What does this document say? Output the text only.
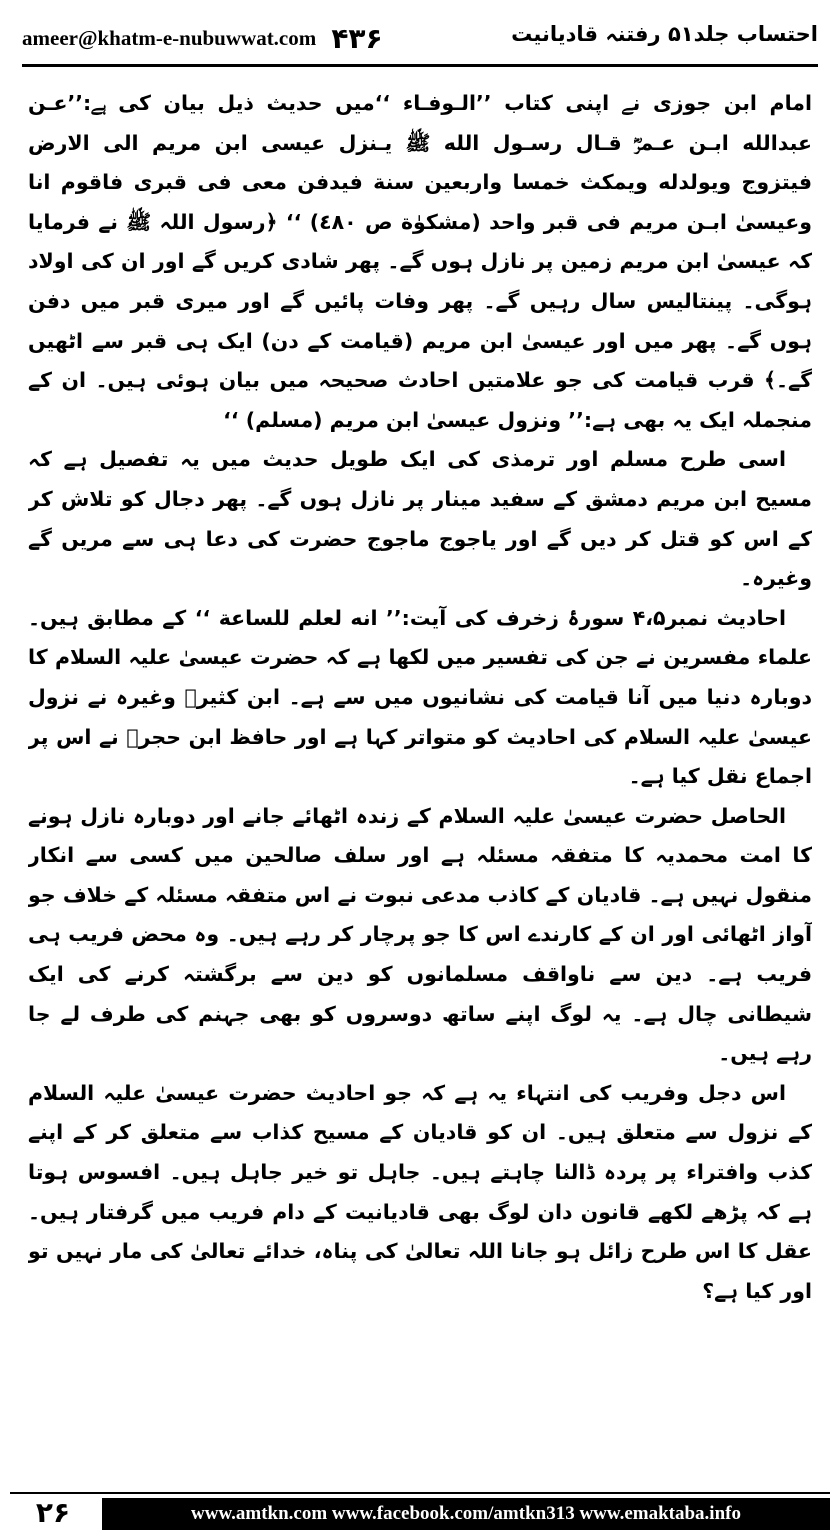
ameer@khatm-e-nubuwwat.com ۴۳۶	احتساب جلد۵۱ رفتنہ قادیانیت

امام ابن جوزی نے اپنی کتاب ’’الـوفـاء ‘‘میں حدیث ذیل بیان کی ہے:’’عـن عبدالله ابـن عـمرؓ قـال رسـول الله ﷺ يـنزل عيسى ابن مريم الى الارض فيتزوج ويولدله ويمكث خمسا واربعين سنة فيدفن معى فى قبرى فاقوم انا وعيسىٰ ابـن مريم فى قبر واحد (مشكوٰة ص ٤٨٠) ‘‘ ﴿رسول اللہ ﷺ نے فرمایا کہ عیسیٰ ابن مریم زمین پر نازل ہوں گے۔ پھر شادی کریں گے اور ان کی اولاد ہوگی۔ پینتالیس سال رہیں گے۔ پھر وفات پائیں گے اور میری قبر میں دفن ہوں گے۔ پھر میں اور عیسیٰ ابن مریم (قیامت کے دن) ایک ہی قبر سے اٹھیں گے۔﴾ قرب قیامت کی جو علامتیں احادث صحیحہ میں بیان ہوئی ہیں۔ ان کے منجملہ ایک یہ بھی ہے:’’ ونزول عيسىٰ ابن مريم (مسلم) ‘‘

اسی طرح مسلم اور ترمذی کی ایک طویل حدیث میں یہ تفصیل ہے کہ مسیح ابن مریم دمشق کے سفید مینار پر نازل ہوں گے۔ پھر دجال کو تلاش کر کے اس کو قتل کر دیں گے اور یاجوج ماجوج حضرت کی دعا ہی سے مریں گے وغیرہ۔

احادیث نمبر۴،۵ سورۂ زخرف کی آیت:’’ انه لعلم للساعة ‘‘ کے مطابق ہیں۔ علماء مفسرین نے جن کی تفسیر میں لکھا ہے کہ حضرت عیسیٰ علیہ السلام کا دوبارہ دنیا میں آنا قیامت کی نشانیوں میں سے ہے۔ ابن کثیرؒ وغیرہ نے نزول عیسیٰ علیہ السلام کی احادیث کو متواتر کہا ہے اور حافظ ابن حجرؒ نے اس پر اجماع نقل کیا ہے۔

الحاصل حضرت عیسیٰ علیہ السلام کے زندہ اٹھائے جانے اور دوبارہ نازل ہونے کا امت محمدیہ کا متفقہ مسئلہ ہے اور سلف صالحین میں کسی سے انکار منقول نہیں ہے۔ قادیان کے کاذب مدعی نبوت نے اس متفقہ مسئلہ کے خلاف جو آواز اٹھائی اور ان کے کارندے اس کا جو پرچار کر رہے ہیں۔ وہ محض فریب ہی فریب ہے۔ دین سے ناواقف مسلمانوں کو دین سے برگشتہ کرنے کی ایک شیطانی چال ہے۔ یہ لوگ اپنے ساتھ دوسروں کو بھی جہنم کی طرف لے جا رہے ہیں۔

اس دجل وفریب کی انتہاء یہ ہے کہ جو احادیث حضرت عیسیٰ علیہ السلام کے نزول سے متعلق ہیں۔ ان کو قادیان کے مسیح کذاب سے متعلق کر کے اپنے کذب وافتراء پر پردہ ڈالنا چاہتے ہیں۔ جاہل تو خیر جاہل ہیں۔ افسوس ہوتا ہے کہ پڑھے لکھے قانون دان لوگ بھی قادیانیت کے دام فریب میں گرفتار ہیں۔ عقل کا اس طرح زائل ہو جانا اللہ تعالیٰ کی پناہ، خدائے تعالیٰ کی مار نہیں تو اور کیا ہے؟

۲۶	www.amtkn.com www.facebook.com/amtkn313 www.emaktaba.info
